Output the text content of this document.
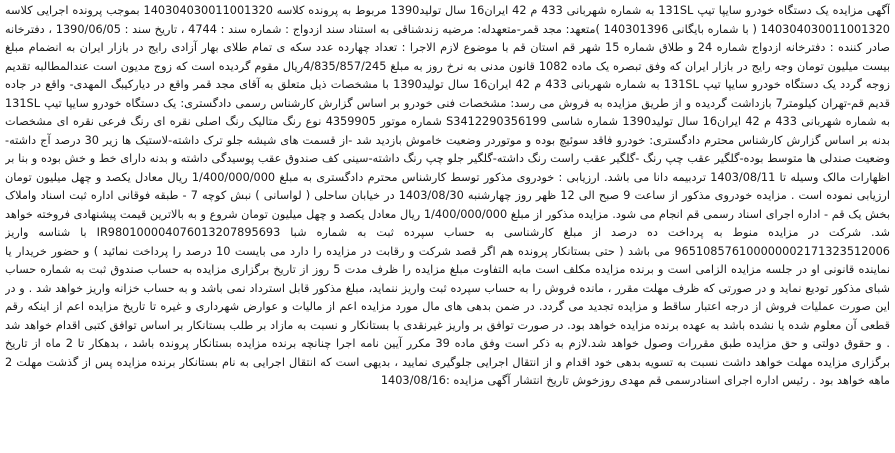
آگهی مزایده یک دستگاه خودرو سایپا تیپ 131SL به شماره شهربانی 433 م 42 ایران16 سال تولید1390 مربوط به پرونده کلاسه 140304030011001320 ‌بموجب پرونده اجرایی کلاسه 140304030011001320 ( با شماره بایگانی 140301396 )متعهد: مجد قمر-متعهدله: مرضیه زندشناقی به استناد سند ازدواج : شماره سند : 4744 ، تاریخ سند : 1390/06/05 ، دفترخانه صادر کننده : دفترخانه ازدواج شماره 24 و طلاق شماره 15 شهر قم استان قم با موضوع لازم الاجرا : تعداد چهارده عدد سکه ی تمام طلای بهار آزادی رایج در بازار ایران به انضمام مبلغ بیست میلیون تومان وجه رایج در بازار ایران که وفق تبصره یک ماده 1082 قانون مدنی به نرخ روز به مبلغ 4/835/857/245ریال مقوم گردیده است که زوج مدیون است عندالمطالبه تقدیم زوجه گردد یک دستگاه خودرو سایپا تیپ 131SL به شماره شهربانی 433 م 42 ایران16 سال تولید1390 با مشخصات ذیل متعلق به آقای مجد قمر واقع در دیارکیبگ المهدی- واقع در جاده قدیم قم-تهران کیلومتر7 بازداشت گردیده و از طریق مزایده به فروش می رسد: مشخصات فنی خودرو بر اساس گزارش کارشناس رسمی دادگستری: یک دستگاه خودرو سایپا تیپ 131SL به شماره شهربانی 433 م 42 ایران16 سال تولید1390 شماره شاسی S3412290356199 شماره موتور 4359905 نوع رنگ متالیک رنگ اصلی نقره ای رنگ فرعی نقره ای مشخصات بدنه بر اساس گزارش کارشناس محترم دادگستری: خودرو فاقد سوئیچ بوده و موتوردر وضعیت خاموش بازدید شد -از قسمت های شیشه جلو ترک داشته-لاستیک ها زیر 30 درصد آج داشته-وضعیت صندلی ها متوسط بوده-گلگیر عقب چپ رنگ -گلگیر عقب راست رنگ داشته-گلگیر جلو چپ رنگ داشته-سینی کف صندوق عقب پوسیدگی داشته و بدنه دارای خط و خش بوده و بنا بر اظهارات مالک وسیله تا 1403/08/11 تردبیمه دانا می باشد. ارزیابی : خودروی مذکور توسط کارشناس محترم دادگستری به مبلغ 1/400/000/000 ریال معادل یکصد و چهل میلیون تومان ارزیابی نموده است . مزایده خودروی مذکور از ساعت 9 صبح الی 12 ظهر روز چهارشنبه 1403/08/30 در خیابان ساحلی ( لواسانی ) نبش کوچه 7 - طبقه فوقانی اداره ثبت اسناد واملاک بخش یک قم - اداره اجرای اسناد رسمی قم انجام می شود. مزایده مذکور از مبلغ 1/400/000/000 ریال معادل یکصد و چهل میلیون تومان شروع و به بالاترین قیمت پیشنهادی فروخته خواهد شد. شرکت در مزایده منوط به پرداخت ده درصد از مبلغ کارشناسی به حساب سپرده ثبت به شماره شبا IR980100004076013207895693 با شناسه واریز 965108576100000002171323512006 می باشد ( حتی بستانکار پرونده هم اگر قصد شرکت و رقابت در مزایده را دارد می بایست 10 درصد را پرداخت نمائید ) و حضور خریدار یا نماینده قانونی او در جلسه مزایده الزامی است و برنده مزایده مکلف است مابه التفاوت مبلغ مزایده را ظرف مدت 5 روز از تاریخ برگزاری مزایده به حساب صندوق ثبت به شماره حساب شبای مذکور تودیع نماید و در صورتی که ظرف مهلت مقرر ، مانده فروش را به حساب سپرده ثبت واریز ننماید، مبلغ مذکور قابل استرداد نمی باشد و به حساب خزانه واریز خواهد شد . و در این صورت عملیات فروش از درجه اعتبار ساقط و مزایده تجدید می گردد. در ضمن بدهی های مال مورد مزایده اعم از مالیات و عوارض شهرداری و غیره تا تاریخ مزایده اعم از اینکه رقم قطعی آن معلوم شده یا نشده باشد به عهده برنده مزایده خواهد بود. در صورت توافق بر واریز غیرنقدی با بستانکار و نسبت به مازاد بر طلب بستانکار بر اساس توافق کتبی اقدام خواهد شد . و حقوق دولتی و حق مزایده طبق مقررات وصول خواهد شد.لازم به ذکر است وفق ماده 39 مکرر آیین نامه اجرا چنانچه برنده مزایده بستانکار پرونده باشد ، بدهکار تا 2 ماه از تاریخ برگزاری مزایده مهلت خواهد داشت نسبت به تسویه بدهی خود اقدام و از انتقال اجرایی جلوگیری نمایید ، بدیهی است که انتقال اجرایی به نام بستانکار برنده مزایده پس از گذشت مهلت 2 ماهه خواهد بود . رئیس اداره اجرای اسنادرسمی قم مهدی روزخوش تاریخ انتشار آگهی مزایده :1403/08/16
